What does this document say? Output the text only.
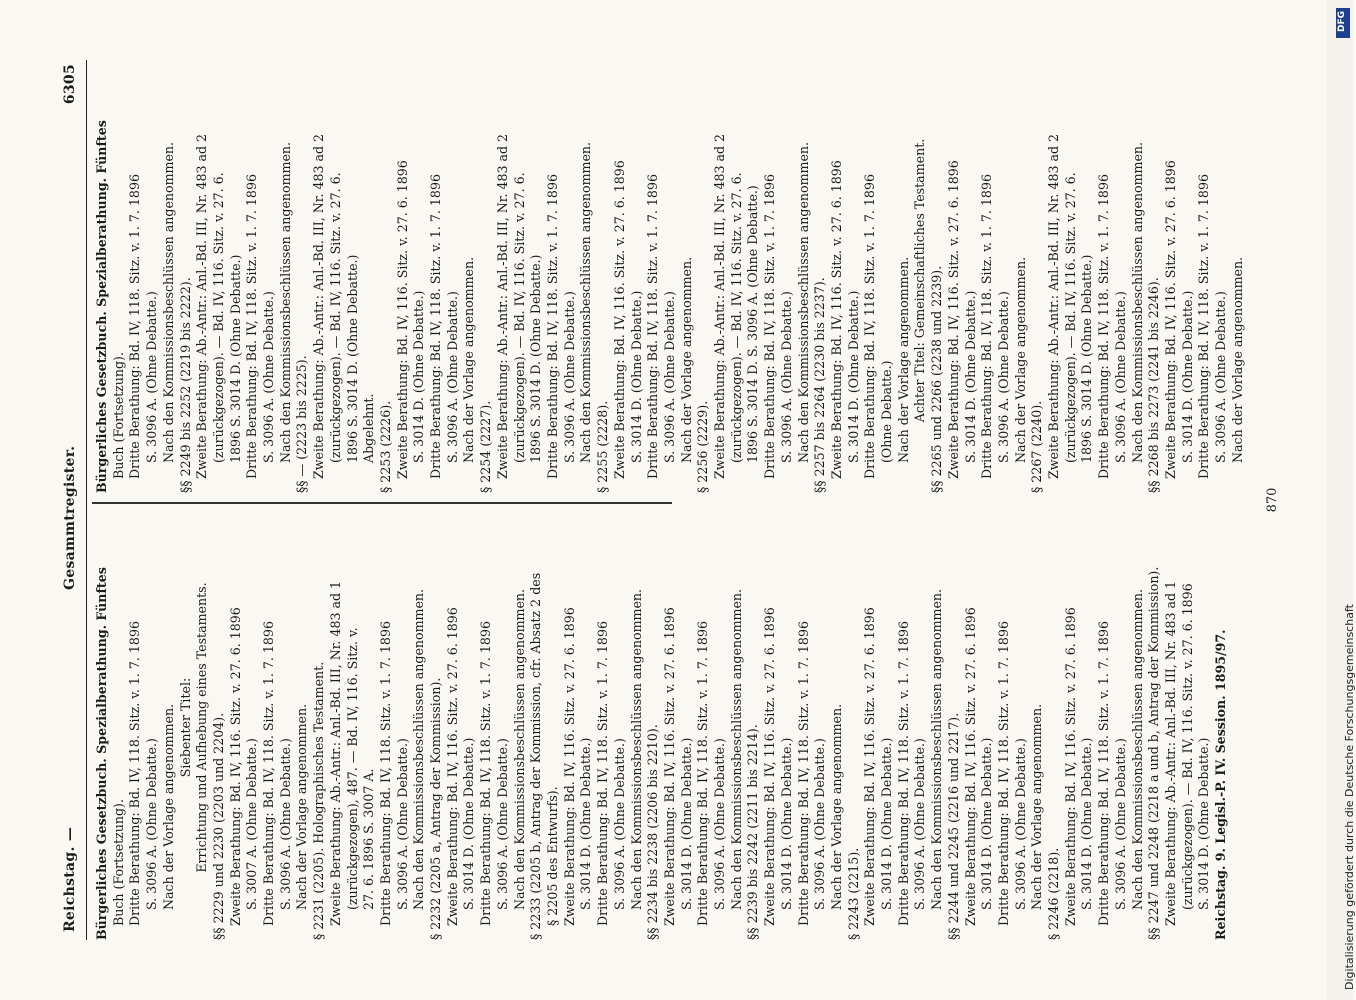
Reichstag. —
Gesammtregister.
6305
Bürgerliches Gesetzbuch. Spezialberathung. Fünftes Buch (Fortsetzung). Dritte Berathung: Bd. IV, 118. Sitz. v. 1. 7. 1896 S. 3096 A. (Ohne Debatte.) Nach der Vorlage angenommen. Siebenter Titel: Errichtung und Aufhebung eines Testaments. §§ 2229 und 2230 (2203 und 2204). Zweite Berathung: Bd. IV, 116. Sitz. v. 27. 6. 1896 S. 3007 A. (Ohne Debatte.) Dritte Berathung: Bd. IV, 118. Sitz. v. 1. 7. 1896 S. 3096 A. (Ohne Debatte.) Nach der Vorlage angenommen. § 2231 (2205). Holographisches Testament. Zweite Berathung: Ab.-Antr.: Anl.-Bd. III, Nr. 483 ad 1 (zurückgezogen), 487. — Bd. IV, 116. Sitz. v. 27. 6. 1896 S. 3007 A. Dritte Berathung: Bd. IV, 118. Sitz. v. 1. 7. 1896 S. 3096 A. (Ohne Debatte.) Nach den Kommissionsbeschlüssen angenommen. § 2232 (2205 a, Antrag der Kommission). Zweite Berathung: Bd. IV, 116. Sitz. v. 27. 6. 1896 S. 3014 D. (Ohne Debatte.) Dritte Berathung: Bd. IV, 118. Sitz. v. 1. 7. 1896 S. 3096 A. (Ohne Debatte.) Nach den Kommissionsbeschlüssen angenommen. § 2233 (2205 b, Antrag der Kommission, cfr. Absatz 2 des § 2205 des Entwurfs). Zweite Berathung: Bd. IV, 116. Sitz. v. 27. 6. 1896 S. 3014 D. (Ohne Debatte.) Dritte Berathung: Bd. IV, 118. Sitz. v. 1. 7. 1896 S. 3096 A. (Ohne Debatte.) Nach den Kommissionsbeschlüssen angenommen. §§ 2234 bis 2238 (2206 bis 2210). Zweite Berathung: Bd. IV, 116. Sitz. v. 27. 6. 1896 S. 3014 D. (Ohne Debatte.) Dritte Berathung: Bd. IV, 118. Sitz. v. 1. 7. 1896 S. 3096 A. (Ohne Debatte.) Nach den Kommissionsbeschlüssen angenommen. §§ 2239 bis 2242 (2211 bis 2214). Zweite Berathung: Bd. IV, 116. Sitz. v. 27. 6. 1896 S. 3014 D. (Ohne Debatte.) Dritte Berathung: Bd. IV, 118. Sitz. v. 1. 7. 1896 S. 3096 A. (Ohne Debatte.) Nach der Vorlage angenommen. § 2243 (2215). Zweite Berathung: Bd. IV, 116. Sitz. v. 27. 6. 1896 S. 3014 D. (Ohne Debatte.) Dritte Berathung: Bd. IV, 118. Sitz. v. 1. 7. 1896 S. 3096 A. (Ohne Debatte.) Nach den Kommissionsbeschlüssen angenommen. §§ 2244 und 2245 (2216 und 2217). Zweite Berathung: Bd. IV, 116. Sitz. v. 27. 6. 1896 S. 3014 D. (Ohne Debatte.) Dritte Berathung: Bd. IV, 118. Sitz. v. 1. 7. 1896 S. 3096 A. (Ohne Debatte.) Nach der Vorlage angenommen. § 2246 (2218). Zweite Berathung: Bd. IV, 116. Sitz. v. 27. 6. 1896 S. 3014 D. (Ohne Debatte.) Dritte Berathung: Bd. IV, 118. Sitz. v. 1. 7. 1896 S. 3096 A. (Ohne Debatte.) Nach den Kommissionsbeschlüssen angenommen. §§ 2247 und 2248 (2218 a und b, Antrag der Kommission). Zweite Berathung: Ab.-Antr.: Anl.-Bd. III, Nr. 483 ad 1 (zurückgezogen). — Bd. IV, 116. Sitz. v. 27. 6. 1896 S. 3014 D. (Ohne Debatte.) Reichstag. 9. Legisl.-P. IV. Session. 1895/97.
Bürgerliches Gesetzbuch. Spezialberathung. Fünftes Buch (Fortsetzung). Dritte Berathung: Bd. IV, 118. Sitz. v. 1. 7. 1896 S. 3096 A. (Ohne Debatte.) Nach den Kommissionsbeschlüssen angenommen. §§ 2249 bis 2252 (2219 bis 2222). Zweite Berathung: Ab.-Antr.: Anl.-Bd. III, Nr. 483 ad 2 (zurückgezogen). — Bd. IV, 116. Sitz. v. 27. 6. 1896 S. 3014 D. (Ohne Debatte.) Dritte Berathung: Bd. IV, 118. Sitz. v. 1. 7. 1896 S. 3096 A. (Ohne Debatte.) Nach den Kommissionsbeschlüssen angenommen. §§ — (2223 bis 2225). Zweite Berathung: Ab.-Antr.: Anl.-Bd. III, Nr. 483 ad 2 (zurückgezogen). — Bd. IV, 116. Sitz. v. 27. 6. 1896 S. 3014 D. (Ohne Debatte.) Abgelehnt. § 2253 (2226). Zweite Berathung: Bd. IV, 116. Sitz. v. 27. 6. 1896 S. 3014 D. (Ohne Debatte.) Dritte Berathung: Bd. IV, 118. Sitz. v. 1. 7. 1896 S. 3096 A. (Ohne Debatte.) Nach der Vorlage angenommen. § 2254 (2227). Zweite Berathung: Ab.-Antr.: Anl.-Bd. III, Nr. 483 ad 2 (zurückgezogen). — Bd. IV, 116. Sitz. v. 27. 6. 1896 S. 3014 D. (Ohne Debatte.) Dritte Berathung: Bd. IV, 118. Sitz. v. 1. 7. 1896 S. 3096 A. (Ohne Debatte.) Nach den Kommissionsbeschlüssen angenommen. § 2255 (2228). Zweite Berathung: Bd. IV, 116. Sitz. v. 27. 6. 1896 S. 3014 D. (Ohne Debatte.) Dritte Berathung: Bd. IV, 118. Sitz. v. 1. 7. 1896 S. 3096 A. (Ohne Debatte.) Nach der Vorlage angenommen. § 2256 (2229). Zweite Berathung: Ab.-Antr.: Anl.-Bd. III, Nr. 483 ad 2 (zurückgezogen). — Bd. IV, 116. Sitz. v. 27. 6. 1896 S. 3014 D. S. 3096 A. (Ohne Debatte.) Dritte Berathung: Bd. IV, 118. Sitz. v. 1. 7. 1896 S. 3096 A. (Ohne Debatte.) Nach den Kommissionsbeschlüssen angenommen. §§ 2257 bis 2264 (2230 bis 2237). Zweite Berathung: Bd. IV, 116. Sitz. v. 27. 6. 1896 S. 3014 D. (Ohne Debatte.) Dritte Berathung: Bd. IV, 118. Sitz. v. 1. 7. 1896 (Ohne Debatte.) Nach der Vorlage angenommen. Achter Titel: Gemeinschaftliches Testament. §§ 2265 und 2266 (2238 und 2239). Zweite Berathung: Bd. IV, 116. Sitz. v. 27. 6. 1896 S. 3014 D. (Ohne Debatte.) Dritte Berathung: Bd. IV, 118. Sitz. v. 1. 7. 1896 S. 3096 A. (Ohne Debatte.) Nach der Vorlage angenommen. § 2267 (2240). Zweite Berathung: Ab.-Antr.: Anl.-Bd. III, Nr. 483 ad 2 (zurückgezogen). — Bd. IV, 116. Sitz. v. 27. 6. 1896 S. 3014 D. (Ohne Debatte.) Dritte Berathung: Bd. IV, 118. Sitz. v. 1. 7. 1896 S. 3096 A. (Ohne Debatte.) Nach den Kommissionsbeschlüssen angenommen. §§ 2268 bis 2273 (2241 bis 2246). Zweite Berathung: Bd. IV, 116. Sitz. v. 27. 6. 1896 S. 3014 D. (Ohne Debatte.) Dritte Berathung: Bd. IV, 118. Sitz. v. 1. 7. 1896 S. 3096 A. (Ohne Debatte.) Nach der Vorlage angenommen.
870
Digitalisierung gefördert durch die Deutsche Forschungsgemeinschaft
DFG
